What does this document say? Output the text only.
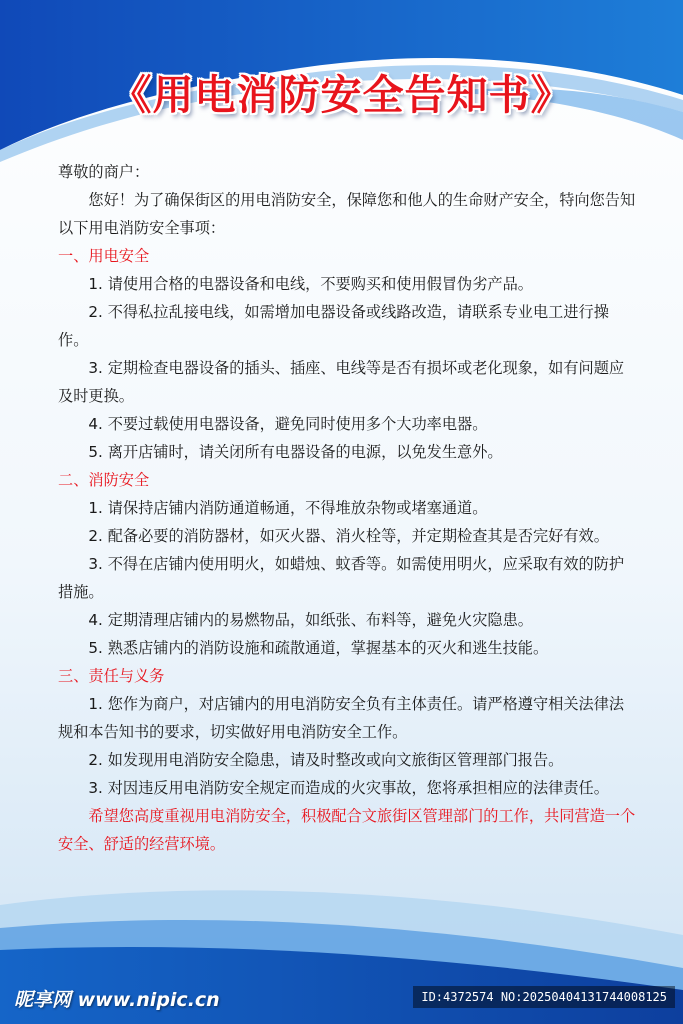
《用电消防安全告知书》

尊敬的商户：

您好！为了确保街区的用电消防安全，保障您和他人的生命财产安全，特向您告知以下用电消防安全事项：

一、用电安全

1. 请使用合格的电器设备和电线，不要购买和使用假冒伪劣产品。

2. 不得私拉乱接电线，如需增加电器设备或线路改造，请联系专业电工进行操作。

3. 定期检查电器设备的插头、插座、电线等是否有损坏或老化现象，如有问题应及时更换。

4. 不要过载使用电器设备，避免同时使用多个大功率电器。

5. 离开店铺时，请关闭所有电器设备的电源，以免发生意外。

二、消防安全

1. 请保持店铺内消防通道畅通，不得堆放杂物或堵塞通道。

2. 配备必要的消防器材，如灭火器、消火栓等，并定期检查其是否完好有效。

3. 不得在店铺内使用明火，如蜡烛、蚊香等。如需使用明火，应采取有效的防护措施。

4. 定期清理店铺内的易燃物品，如纸张、布料等，避免火灾隐患。

5. 熟悉店铺内的消防设施和疏散通道，掌握基本的灭火和逃生技能。

三、责任与义务

1. 您作为商户，对店铺内的用电消防安全负有主体责任。请严格遵守相关法律法规和本告知书的要求，切实做好用电消防安全工作。

2. 如发现用电消防安全隐患，请及时整改或向文旅街区管理部门报告。

3. 对因违反用电消防安全规定而造成的火灾事故，您将承担相应的法律责任。

希望您高度重视用电消防安全，积极配合文旅街区管理部门的工作，共同营造一个安全、舒适的经营环境。

昵享网 www.nipic.cn	ID:4372574 NO:20250404131744008125
